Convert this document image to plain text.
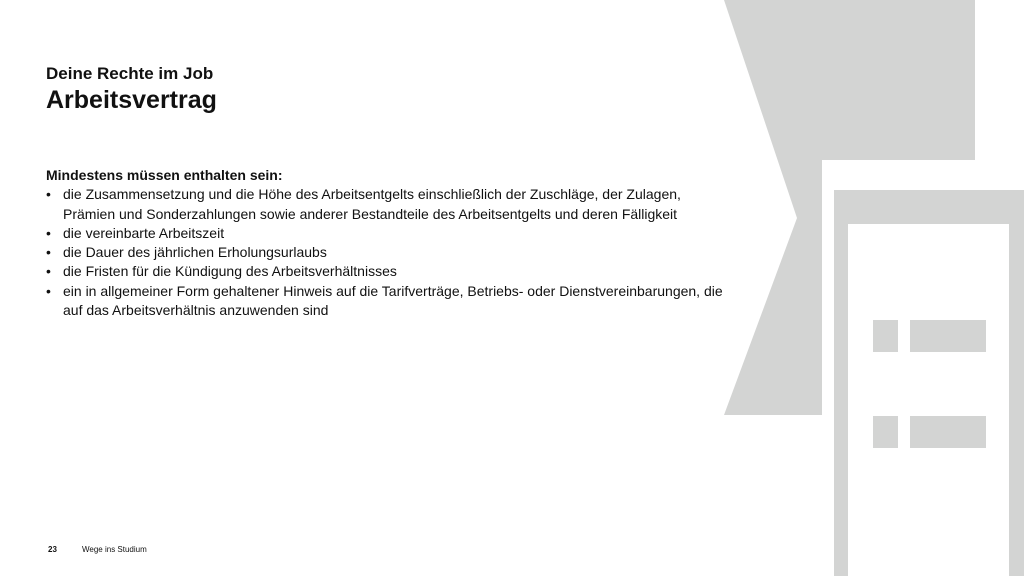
Deine Rechte im Job
Arbeitsvertrag
Mindestens müssen enthalten sein:
• die Zusammensetzung und die Höhe des Arbeitsentgelts einschließlich der Zuschläge, der Zulagen, Prämien und Sonderzahlungen sowie anderer Bestandteile des Arbeitsentgelts und deren Fälligkeit
• die vereinbarte Arbeitszeit
• die Dauer des jährlichen Erholungsurlaubs
• die Fristen für die Kündigung des Arbeitsverhältnisses
• ein in allgemeiner Form gehaltener Hinweis auf die Tarifverträge, Betriebs- oder Dienstvereinbarungen, die auf das Arbeitsverhältnis anzuwenden sind
23	Wege ins Studium
